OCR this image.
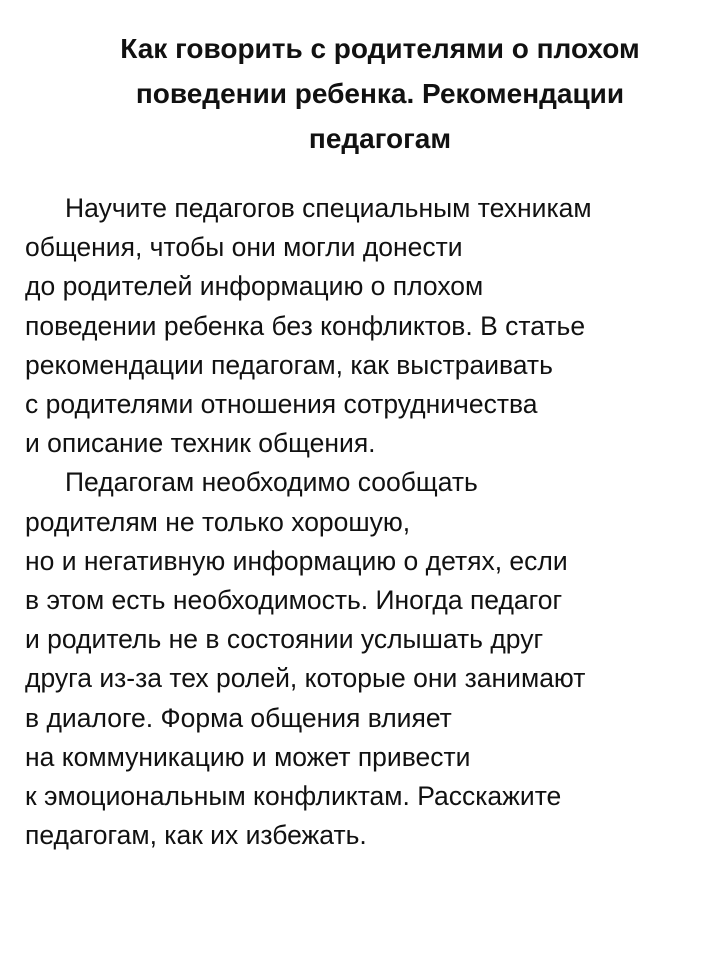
Как говорить с родителями о плохом
поведении ребенка. Рекомендации
педагогам

Научите педагогов специальным техникам
общения, чтобы они могли донести
до родителей информацию о плохом
поведении ребенка без конфликтов. В статье
рекомендации педагогам, как выстраивать
с родителями отношения сотрудничества
и описание техник общения.

Педагогам необходимо сообщать
родителям не только хорошую,
но и негативную информацию о детях, если
в этом есть необходимость. Иногда педагог
и родитель не в состоянии услышать друг
друга из-за тех ролей, которые они занимают
в диалоге. Форма общения влияет
на коммуникацию и может привести
к эмоциональным конфликтам. Расскажите
педагогам, как их избежать.
